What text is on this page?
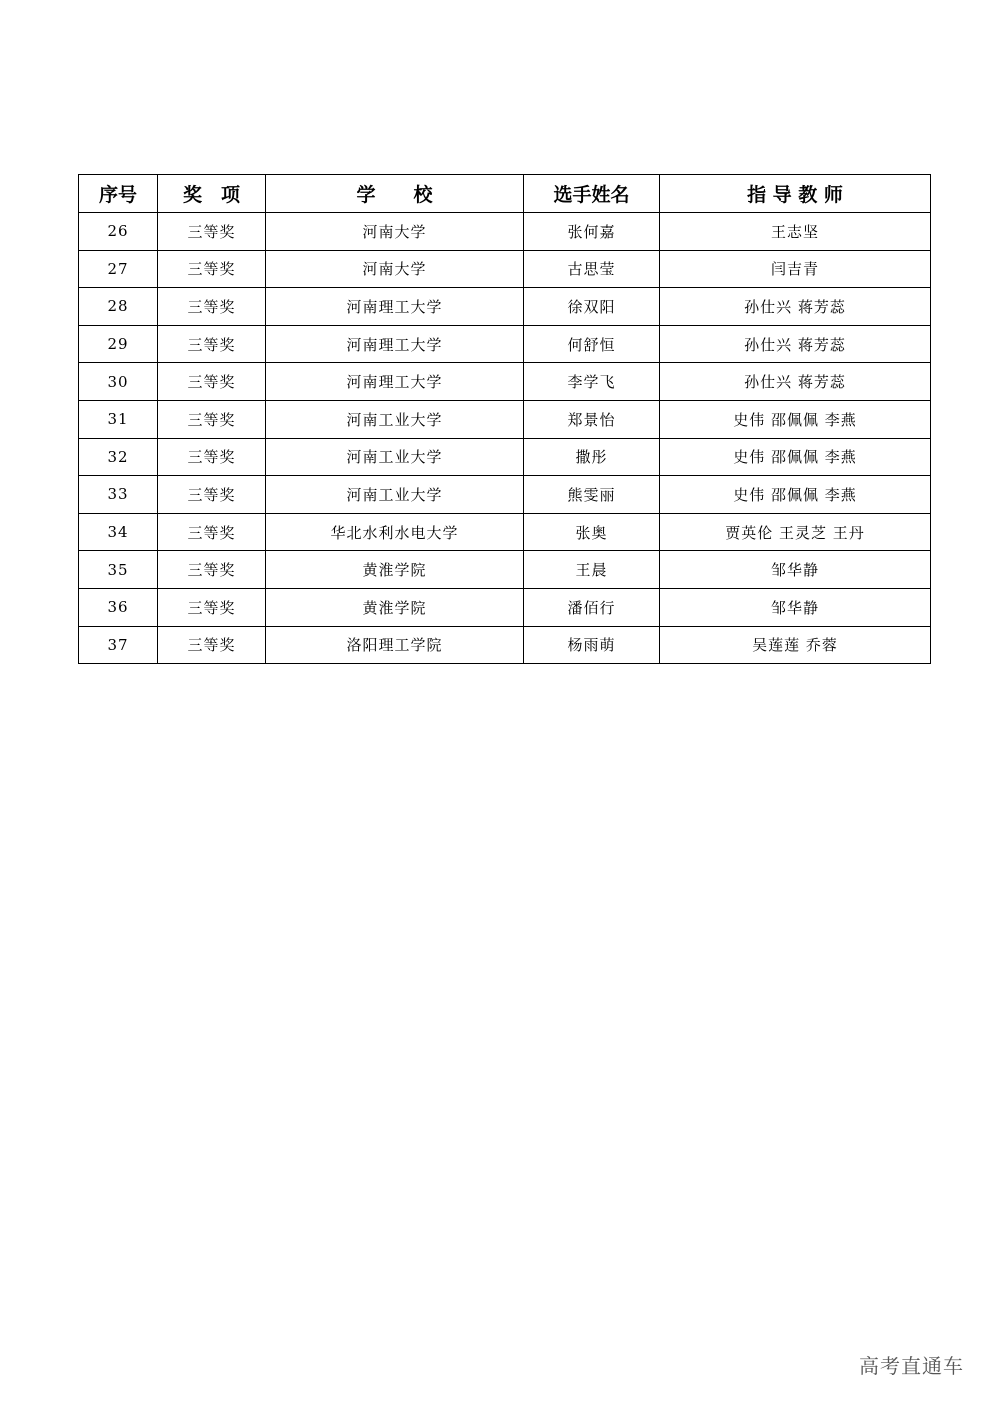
序号	奖　项	学　　校	选手姓名	指 导 教 师
26	三等奖	河南大学	张何嘉	王志坚
27	三等奖	河南大学	古思莹	闫吉青
28	三等奖	河南理工大学	徐双阳	孙仕兴 蒋芳蕊
29	三等奖	河南理工大学	何舒恒	孙仕兴 蒋芳蕊
30	三等奖	河南理工大学	李学飞	孙仕兴 蒋芳蕊
31	三等奖	河南工业大学	郑景怡	史伟 邵佩佩 李燕
32	三等奖	河南工业大学	撒彤	史伟 邵佩佩 李燕
33	三等奖	河南工业大学	熊雯丽	史伟 邵佩佩 李燕
34	三等奖	华北水利水电大学	张奥	贾英伦 王灵芝 王丹
35	三等奖	黄淮学院	王晨	邹华静
36	三等奖	黄淮学院	潘佰行	邹华静
37	三等奖	洛阳理工学院	杨雨萌	吴莲莲 乔蓉
高考直通车
